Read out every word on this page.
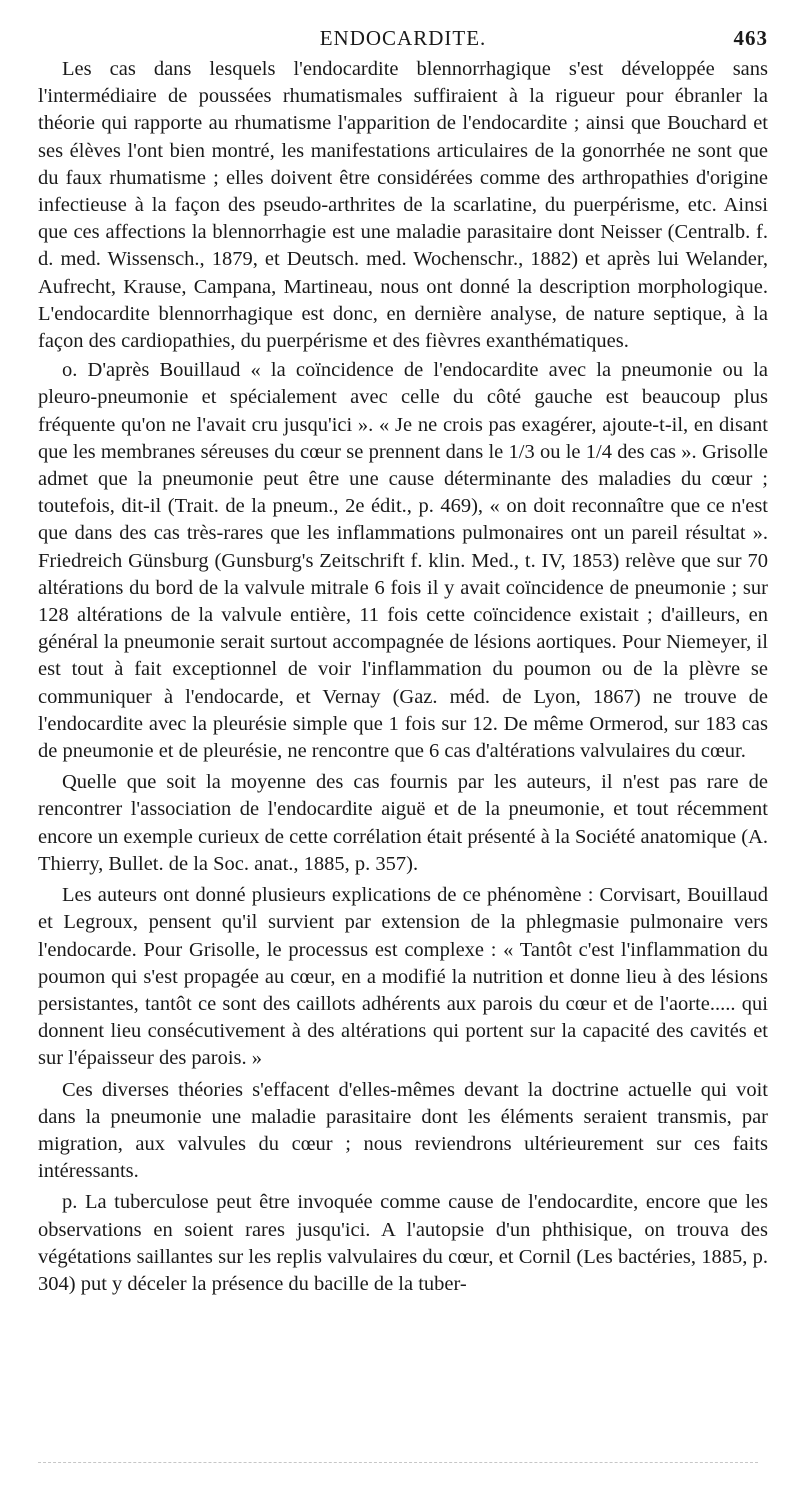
ENDOCARDITE.	463

Les cas dans lesquels l'endocardite blennorrhagique s'est développée sans l'intermédiaire de poussées rhumatismales suffiraient à la rigueur pour ébranler la théorie qui rapporte au rhumatisme l'apparition de l'endocardite ; ainsi que Bouchard et ses élèves l'ont bien montré, les manifestations articulaires de la gonorrhée ne sont que du faux rhumatisme ; elles doivent être considérées comme des arthropathies d'origine infectieuse à la façon des pseudo-arthrites de la scarlatine, du puerpérisme, etc. Ainsi que ces affections la blennorrhagie est une maladie parasitaire dont Neisser (Centralb. f. d. med. Wissensch., 1879, et Deutsch. med. Wochenschr., 1882) et après lui Welander, Aufrecht, Krause, Campana, Martineau, nous ont donné la description morphologique. L'endocardite blennorrhagique est donc, en dernière analyse, de nature septique, à la façon des cardiopathies, du puerpérisme et des fièvres exanthématiques.

o. D'après Bouillaud « la coïncidence de l'endocardite avec la pneumonie ou la pleuro-pneumonie et spécialement avec celle du côté gauche est beaucoup plus fréquente qu'on ne l'avait cru jusqu'ici ». « Je ne crois pas exagérer, ajoute-t-il, en disant que les membranes séreuses du cœur se prennent dans le 1/3 ou le 1/4 des cas ». Grisolle admet que la pneumonie peut être une cause déterminante des maladies du cœur ; toutefois, dit-il (Trait. de la pneum., 2e édit., p. 469), « on doit reconnaître que ce n'est que dans des cas très-rares que les inflammations pulmonaires ont un pareil résultat ». Friedreich Günsburg (Gunsburg's Zeitschrift f. klin. Med., t. IV, 1853) relève que sur 70 altérations du bord de la valvule mitrale 6 fois il y avait coïncidence de pneumonie ; sur 128 altérations de la valvule entière, 11 fois cette coïncidence existait ; d'ailleurs, en général la pneumonie serait surtout accompagnée de lésions aortiques. Pour Niemeyer, il est tout à fait exceptionnel de voir l'inflammation du poumon ou de la plèvre se communiquer à l'endocarde, et Vernay (Gaz. méd. de Lyon, 1867) ne trouve de l'endocardite avec la pleurésie simple que 1 fois sur 12. De même Ormerod, sur 183 cas de pneumonie et de pleurésie, ne rencontre que 6 cas d'altérations valvulaires du cœur.

Quelle que soit la moyenne des cas fournis par les auteurs, il n'est pas rare de rencontrer l'association de l'endocardite aiguë et de la pneumonie, et tout récemment encore un exemple curieux de cette corrélation était présenté à la Société anatomique (A. Thierry, Bullet. de la Soc. anat., 1885, p. 357).

Les auteurs ont donné plusieurs explications de ce phénomène : Corvisart, Bouillaud et Legroux, pensent qu'il survient par extension de la phlegmasie pulmonaire vers l'endocarde. Pour Grisolle, le processus est complexe : « Tantôt c'est l'inflammation du poumon qui s'est propagée au cœur, en a modifié la nutrition et donne lieu à des lésions persistantes, tantôt ce sont des caillots adhérents aux parois du cœur et de l'aorte..... qui donnent lieu consécutivement à des altérations qui portent sur la capacité des cavités et sur l'épaisseur des parois. »

Ces diverses théories s'effacent d'elles-mêmes devant la doctrine actuelle qui voit dans la pneumonie une maladie parasitaire dont les éléments seraient transmis, par migration, aux valvules du cœur ; nous reviendrons ultérieurement sur ces faits intéressants.

p. La tuberculose peut être invoquée comme cause de l'endocardite, encore que les observations en soient rares jusqu'ici. A l'autopsie d'un phthisique, on trouva des végétations saillantes sur les replis valvulaires du cœur, et Cornil (Les bactéries, 1885, p. 304) put y déceler la présence du bacille de la tuber-
